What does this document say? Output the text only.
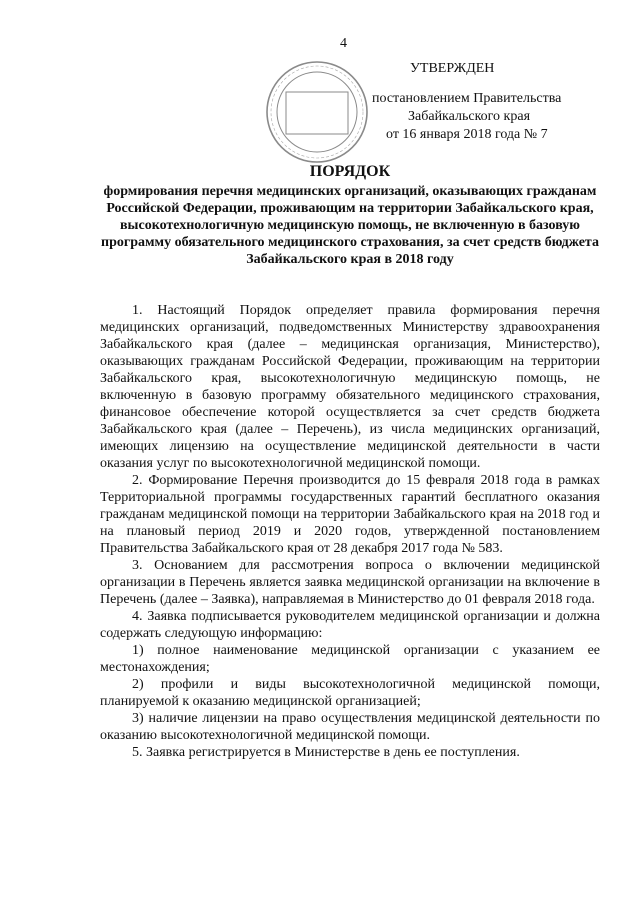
4
УТВЕРЖДЕН
постановлением Правительства
Забайкальского края
от 16 января 2018 года № 7
ПОРЯДОК
формирования перечня медицинских организаций, оказывающих гражданам Российской Федерации, проживающим на территории Забайкальского края, высокотехнологичную медицинскую помощь, не включенную в базовую программу обязательного медицинского страхования, за счет средств бюджета Забайкальского края в 2018 году

1. Настоящий Порядок определяет правила формирования перечня медицинских организаций, подведомственных Министерству здравоохранения Забайкальского края (далее – медицинская организация, Министерство), оказывающих гражданам Российской Федерации, проживающим на территории Забайкальского края, высокотехнологичную медицинскую помощь, не включенную в базовую программу обязательного медицинского страхования, финансовое обеспечение которой осуществляется за счет средств бюджета Забайкальского края (далее – Перечень), из числа медицинских организаций, имеющих лицензию на осуществление медицинской деятельности в части оказания услуг по высокотехнологичной медицинской помощи.

2. Формирование Перечня производится до 15 февраля 2018 года в рамках Территориальной программы государственных гарантий бесплатного оказания гражданам медицинской помощи на территории Забайкальского края на 2018 год и на плановый период 2019 и 2020 годов, утвержденной постановлением Правительства Забайкальского края от 28 декабря 2017 года № 583.

3. Основанием для рассмотрения вопроса о включении медицинской организации в Перечень является заявка медицинской организации на включение в Перечень (далее – Заявка), направляемая в Министерство до 01 февраля 2018 года.

4. Заявка подписывается руководителем медицинской организации и должна содержать следующую информацию:

1) полное наименование медицинской организации с указанием ее местонахождения;

2) профили и виды высокотехнологичной медицинской помощи, планируемой к оказанию медицинской организацией;

3) наличие лицензии на право осуществления медицинской деятельности по оказанию высокотехнологичной медицинской помощи.

5. Заявка регистрируется в Министерстве в день ее поступления.
